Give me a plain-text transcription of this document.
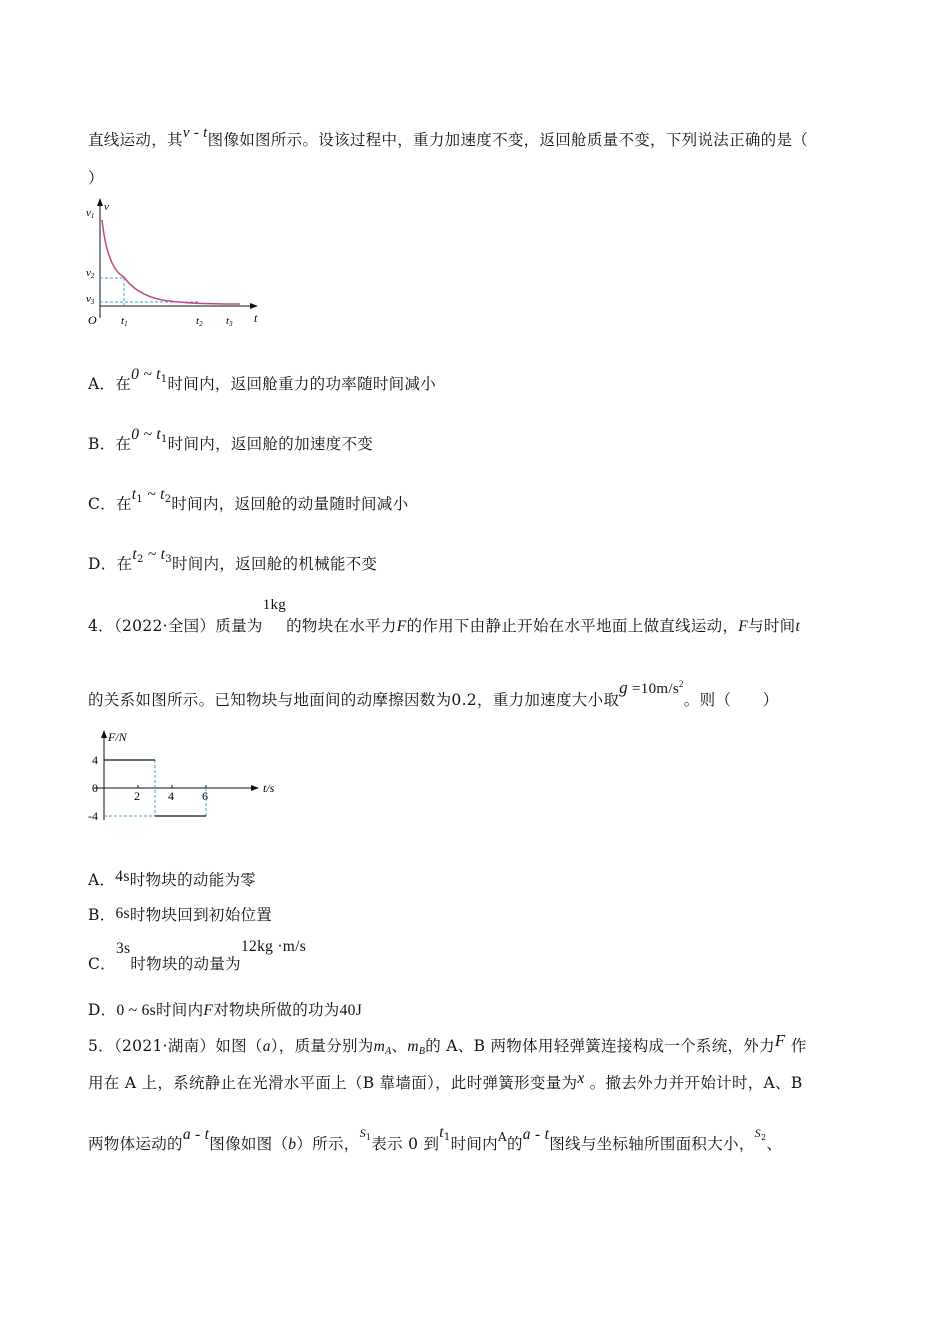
直线运动，其v - t图像如图所示。设该过程中，重力加速度不变，返回舱质量不变，下列说法正确的是（
）
v
v1
v2
v3
O t1	t2 t3 t
A．在0 ~ $t_1$时间内，返回舱重力的功率随时间减小
B．在0 ~ $t_1$时间内，返回舱的加速度不变
C．在$t_1$ ~ $t_2$时间内，返回舱的动量随时间减小
D．在$t_2$ ~ $t_3$时间内，返回舱的机械能不变
4．（2022·全国）质量为1kg的物块在水平力F的作用下由静止开始在水平地面上做直线运动，F与时间t
的关系如图所示。已知物块与地面间的动摩擦因数为0.2，重力加速度大小取$g =10m/s^2$。则（　　）
2 4 6
4
0
-4
F/N
t/s
A．4s时物块的动能为零
B．6s时物块回到初始位置
C．3s时物块的动量为12kg ·m/s
D．0 ~ 6s时间内F对物块所做的功为40J
5．（2021·湖南）如图（a），质量分别为$m_A$、$m_B$的 A、B 两物体用轻弹簧连接构成一个系统，外力F 作
用在 A 上，系统静止在光滑水平面上（B 靠墙面），此时弹簧形变量为x 。撤去外力并开始计时，A、B
两物体运动的a - t图像如图（b）所示，$^{S_1}$表示 0 到$t_1$时间内$^A$的a - t图线与坐标轴所围面积大小，$^{S_2}$、
